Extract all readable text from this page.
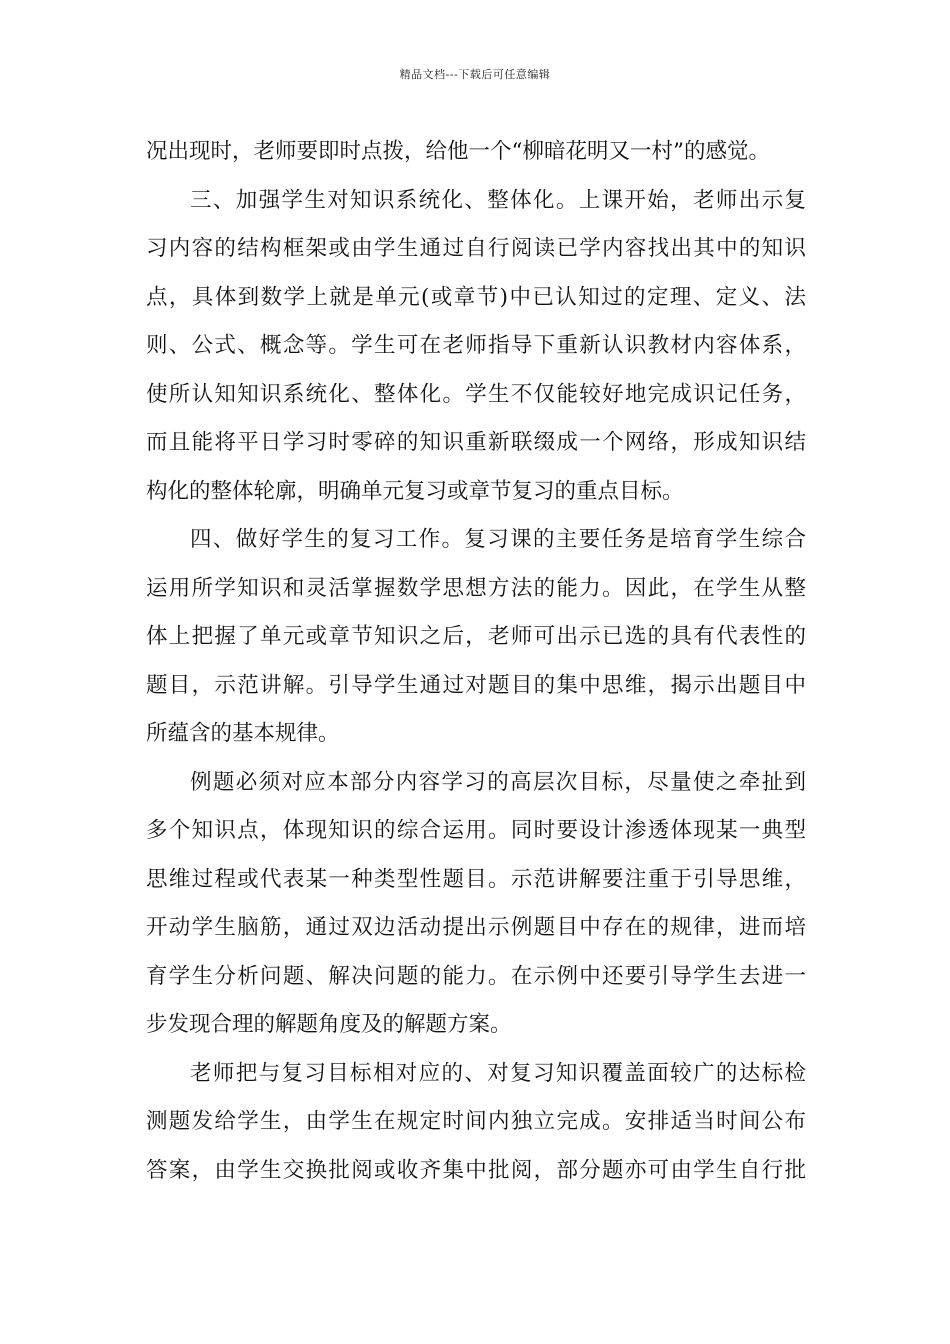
精品文档---下载后可任意编辑
况出现时，老师要即时点拨，给他一个“柳暗花明又一村”的感觉。
三、加强学生对知识系统化、整体化。上课开始，老师出示复
习内容的结构框架或由学生通过自行阅读已学内容找出其中的知识
点，具体到数学上就是单元(或章节)中已认知过的定理、定义、法
则、公式、概念等。学生可在老师指导下重新认识教材内容体系，
使所认知知识系统化、整体化。学生不仅能较好地完成识记任务，
而且能将平日学习时零碎的知识重新联缀成一个网络，形成知识结
构化的整体轮廓，明确单元复习或章节复习的重点目标。
四、做好学生的复习工作。复习课的主要任务是培育学生综合
运用所学知识和灵活掌握数学思想方法的能力。因此，在学生从整
体上把握了单元或章节知识之后，老师可出示已选的具有代表性的
题目，示范讲解。引导学生通过对题目的集中思维，揭示出题目中
所蕴含的基本规律。
例题必须对应本部分内容学习的高层次目标，尽量使之牵扯到
多个知识点，体现知识的综合运用。同时要设计渗透体现某一典型
思维过程或代表某一种类型性题目。示范讲解要注重于引导思维，
开动学生脑筋，通过双边活动提出示例题目中存在的规律，进而培
育学生分析问题、解决问题的能力。在示例中还要引导学生去进一
步发现合理的解题角度及的解题方案。
老师把与复习目标相对应的、对复习知识覆盖面较广的达标检
测题发给学生，由学生在规定时间内独立完成。安排适当时间公布
答案，由学生交换批阅或收齐集中批阅，部分题亦可由学生自行批
